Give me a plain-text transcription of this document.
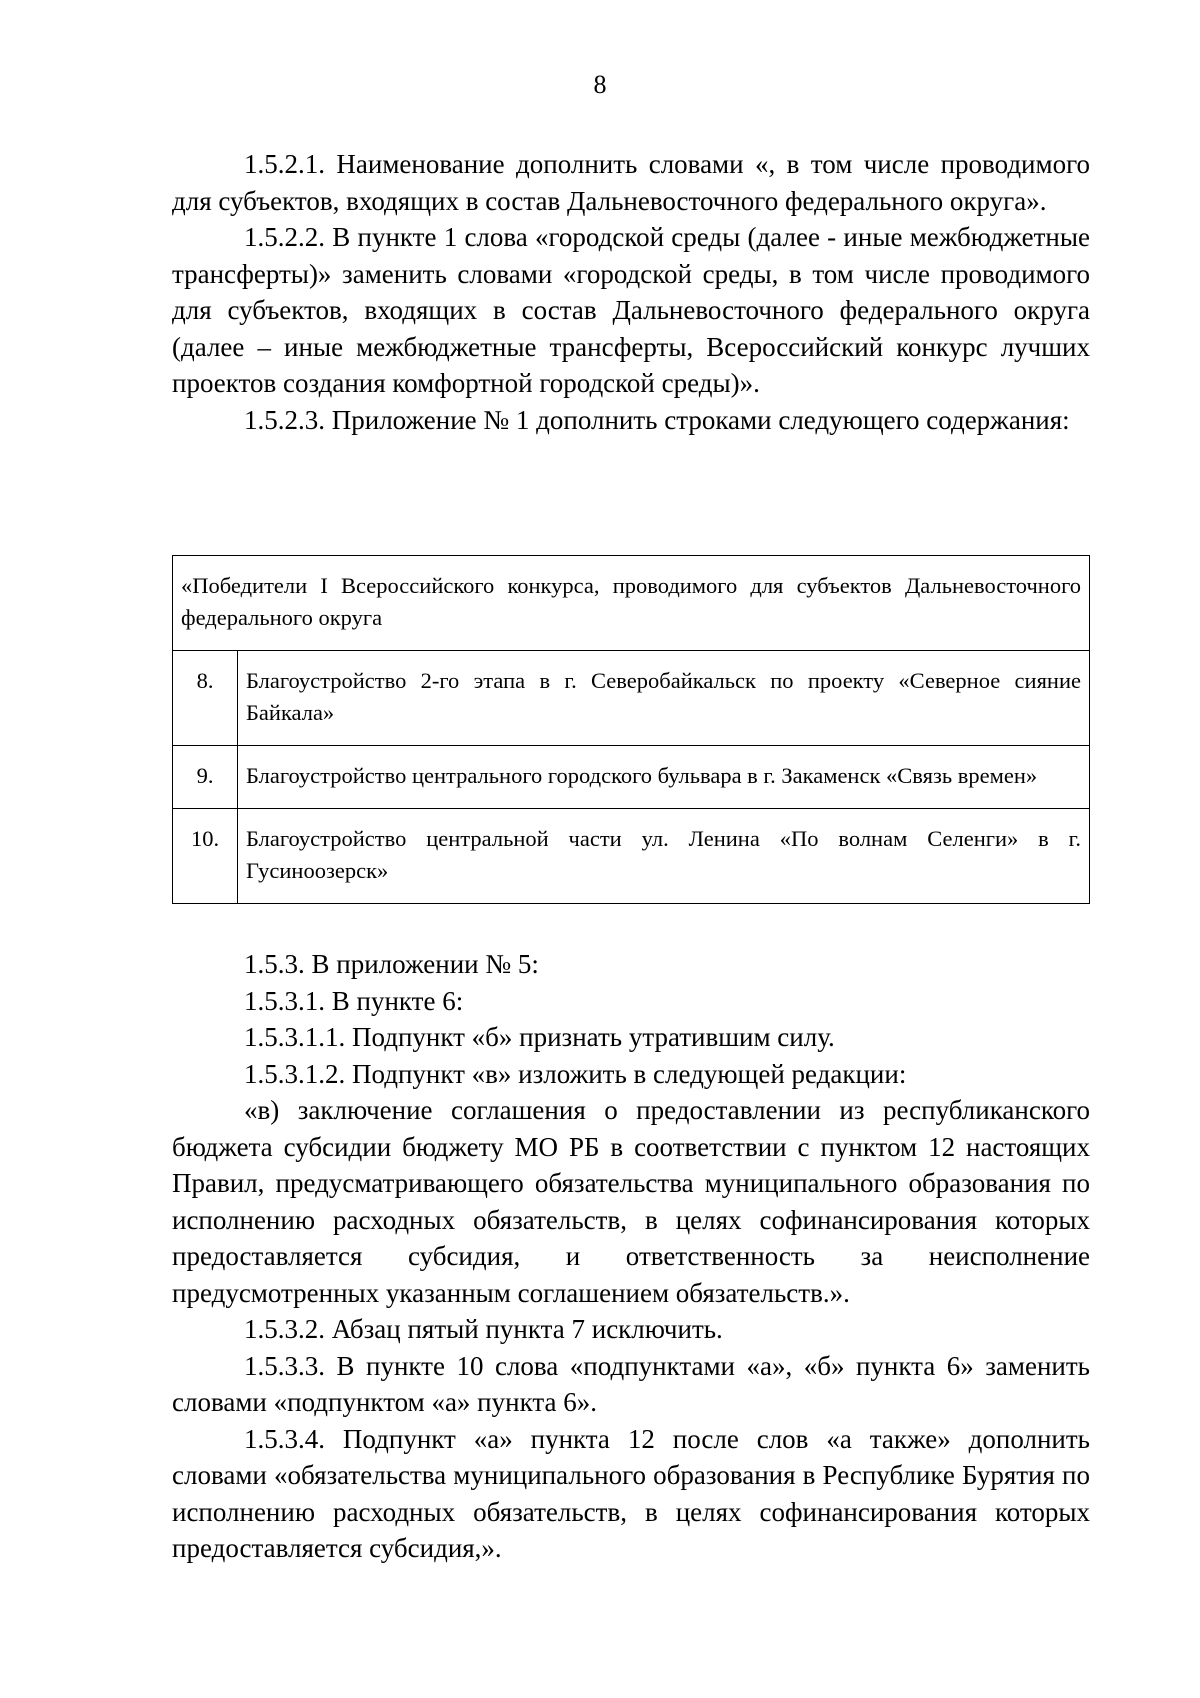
8

1.5.2.1. Наименование дополнить словами «, в том числе проводимого для субъектов, входящих в состав Дальневосточного федерального округа».

1.5.2.2. В пункте 1 слова «городской среды (далее - иные межбюджетные трансферты)» заменить словами «городской среды, в том числе проводимого для субъектов, входящих в состав Дальневосточного федерального округа (далее – иные межбюджетные трансферты, Всероссийский конкурс лучших проектов создания комфортной городской среды)».

1.5.2.3. Приложение № 1 дополнить строками следующего содержания:

«Победители I Всероссийского конкурса, проводимого для субъектов Дальневосточного федерального округа	
8.	Благоустройство 2-го этапа в г. Северобайкальск по проекту «Северное сияние Байкала»
9.	Благоустройство центрального городского бульвара в г. Закаменск «Связь времен»
10.	Благоустройство центральной части ул. Ленина «По волнам Селенги» в г. Гусиноозерск»

1.5.3. В приложении № 5:

1.5.3.1. В пункте 6:

1.5.3.1.1. Подпункт «б» признать утратившим силу.

1.5.3.1.2. Подпункт «в» изложить в следующей редакции:

«в) заключение соглашения о предоставлении из республиканского бюджета субсидии бюджету МО РБ в соответствии с пунктом 12 настоящих Правил, предусматривающего обязательства муниципального образования по исполнению расходных обязательств, в целях софинансирования которых предоставляется субсидия, и ответственность за неисполнение предусмотренных указанным соглашением обязательств.».

1.5.3.2. Абзац пятый пункта 7 исключить.

1.5.3.3. В пункте 10 слова «подпунктами «а», «б» пункта 6» заменить словами «подпунктом «а» пункта 6».

1.5.3.4. Подпункт «а» пункта 12 после слов «а также» дополнить словами «обязательства муниципального образования в Республике Бурятия по исполнению расходных обязательств, в целях софинансирования которых предоставляется субсидия,».
